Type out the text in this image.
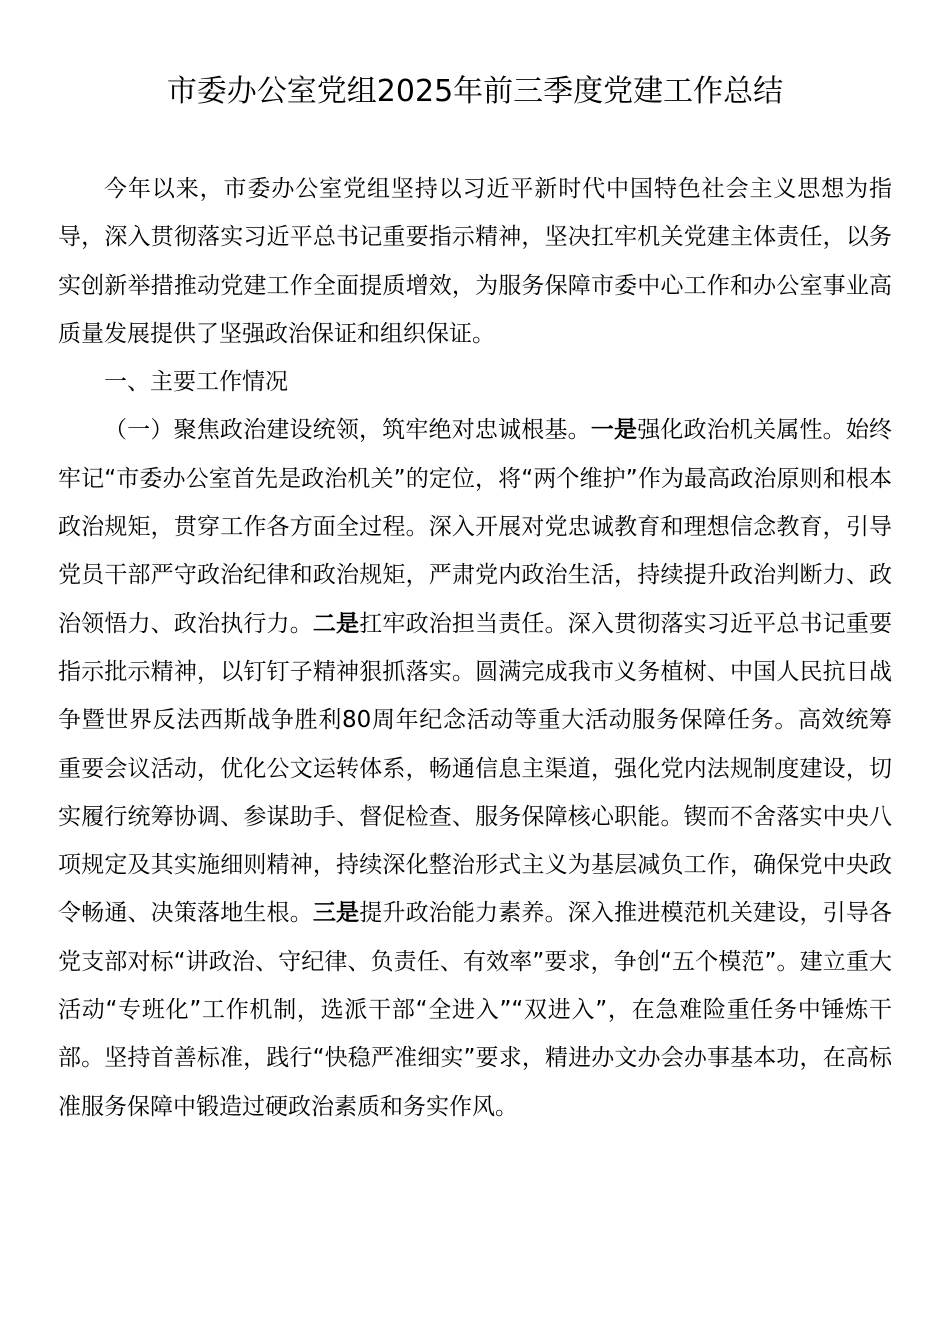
市委办公室党组2025年前三季度党建工作总结

今年以来，市委办公室党组坚持以习近平新时代中国特色社会主义思想为指导，深入贯彻落实习近平总书记重要指示精神，坚决扛牢机关党建主体责任，以务实创新举措推动党建工作全面提质增效，为服务保障市委中心工作和办公室事业高质量发展提供了坚强政治保证和组织保证。

一、主要工作情况

（一）聚焦政治建设统领，筑牢绝对忠诚根基。一是强化政治机关属性。始终牢记“市委办公室首先是政治机关”的定位，将“两个维护”作为最高政治原则和根本政治规矩，贯穿工作各方面全过程。深入开展对党忠诚教育和理想信念教育，引导党员干部严守政治纪律和政治规矩，严肃党内政治生活，持续提升政治判断力、政治领悟力、政治执行力。二是扛牢政治担当责任。深入贯彻落实习近平总书记重要指示批示精神，以钉钉子精神狠抓落实。圆满完成我市义务植树、中国人民抗日战争暨世界反法西斯战争胜利80周年纪念活动等重大活动服务保障任务。高效统筹重要会议活动，优化公文运转体系，畅通信息主渠道，强化党内法规制度建设，切实履行统筹协调、参谋助手、督促检查、服务保障核心职能。锲而不舍落实中央八项规定及其实施细则精神，持续深化整治形式主义为基层减负工作，确保党中央政令畅通、决策落地生根。三是提升政治能力素养。深入推进模范机关建设，引导各党支部对标“讲政治、守纪律、负责任、有效率”要求，争创“五个模范”。建立重大活动“专班化”工作机制，选派干部“全进入”“双进入”，在急难险重任务中锤炼干部。坚持首善标准，践行“快稳严准细实”要求，精进办文办会办事基本功，在高标准服务保障中锻造过硬政治素质和务实作风。
